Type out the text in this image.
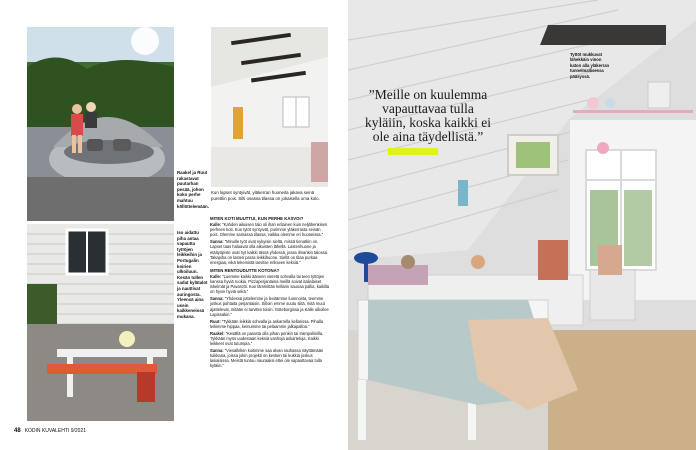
Raakel ja Ruut rakastavat puutarhan pesää, johon koko perhe mahtuu köllöttelemään.
Iso aidattu piha antaa vapautta tyttöjen leikkeihin ja Portugalin koirien ulkoiluun. Kesän tullen sadat kylätalot ja nauttivat auringosta. Yleensä aina usein kaikkeneissä mukana.
Kun lapset syntyivät, yläkerran huoneita jakava seinä purettiin pois. Silti osassa tilassa on jokaisella oma kolo.
MITEN KOTI MUUTTUI, KUN PERHE KASVOI?

Kalle: ”Kahden aikuisen talo oli ihan erilainen kuin neljähenkisen perheen koti. Kun tytöt syntyivät, purimme yläkerrasta seinän pois. Olemme samassa tilassa, vaikka olemme eri huoneissa.”

Sanna: ”Minulle työt ovat nykyisin sieltä, missä tienatkin on. Lapset taas haluavat olla aikuisten lähellä. Lastenhuone ja etäityöpiste ovat nyt kaikki tässä yhdessä, jossa ilmankin talossa. Takapiha on lasten paras leikkihuone. Siellä on tilaa purkaa energiaa, eikä tekemistä tarvitse erikseen keksiä.”

MITEN RENTOUDUTTE KOTONA?

Kalle: ”Luemme kaikki ääneen vieretä sohvalla tai teen tyttöjen kanssa hyviä ruokia. Pizzaperjantaina meillä soivat italialaiset iskelmät ja Pavarotti. Kun lämmittän kellarin saunaa pallia, kaikilla on hyvin hyviä sekä.”

Sanna: ”Yhdessä juttelemme ja levitämme luonnosta, teemme joskus puhtaita perjantaisin. Silloin emme suutu siitä, mitä muut ajattelevat, mitään ei tarvitse toisin. Göteborgissa ja Kalle ulkoilee Lapissakin.”

Ruut: ”Tykkään leikkiä sohvalla ja askarrella kellarissa. Pihalla leikimme hippaa, keinumme tai pelaamme jalkapalloa.”

Raakel: ”Kesällä on parasta olla pihan penkin tai trampoliinilla. Tykkään myös uudestaan keksiä vanhoja askarteluja. Kaikki leikkeet ovat tutumpia.”

Sanna: ”Viesallelkin koitimme saa alvan rauhassa näyttämään tuikkana, joissa jokin projekti on kesken tai kukkia joskus lasiaisissa. Meistä tuntuu nauraaksi ettei ole vapauttavaa tulla kyläiin.”

48 KODIN KUVALEHTI 9/2021
”Meille on kuulemma vapauttavaa tulla kyläiin, koska kaikki ei ole aina täydellistä.”
Tyttöt mukkuvat lähekkäin vinon katon alla yläkerran tunnelmallisessa pääsyssä.
